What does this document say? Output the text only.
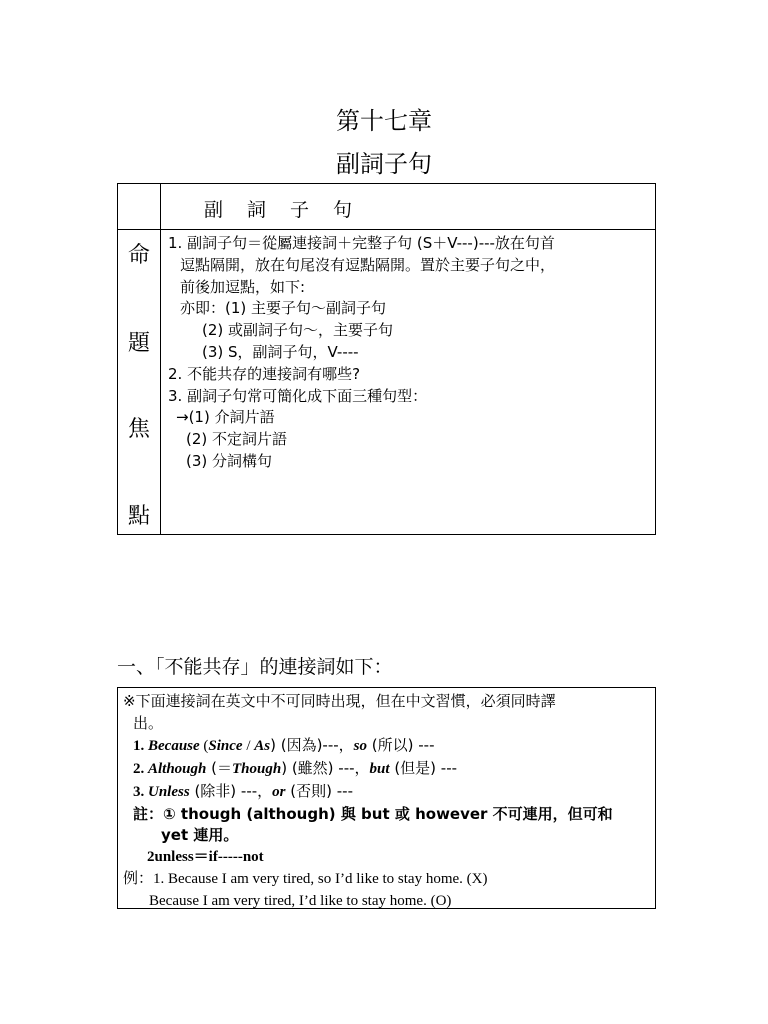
第十七章
副詞子句
副 詞 子 句
命
題
焦
點
1. 副詞子句＝從屬連接詞＋完整子句 (S＋V---)---放在句首
逗點隔開，放在句尾沒有逗點隔開。置於主要子句之中，
前後加逗點，如下:
亦即：(1) 主要子句～副詞子句
(2) 或副詞子句～，主要子句
(3) S，副詞子句，V----
2. 不能共存的連接詞有哪些?
3. 副詞子句常可簡化成下面三種句型：
→(1) 介詞片語
(2) 不定詞片語
(3) 分詞構句
一、「不能共存」的連接詞如下：
※下面連接詞在英文中不可同時出現，但在中文習慣，必須同時譯
出。
1. Because (Since / As) (因為)---，so (所以) ---
2. Although (＝Though) (雖然) ---，but (但是) ---
3. Unless (除非) ---，or (否則) ---
註：① though (although) 與 but 或 however 不可連用，但可和
yet 連用。
2unless＝if-----not
例：1. Because I am very tired, so I’d like to stay home. (X)
Because I am very tired, I’d like to stay home. (O)
